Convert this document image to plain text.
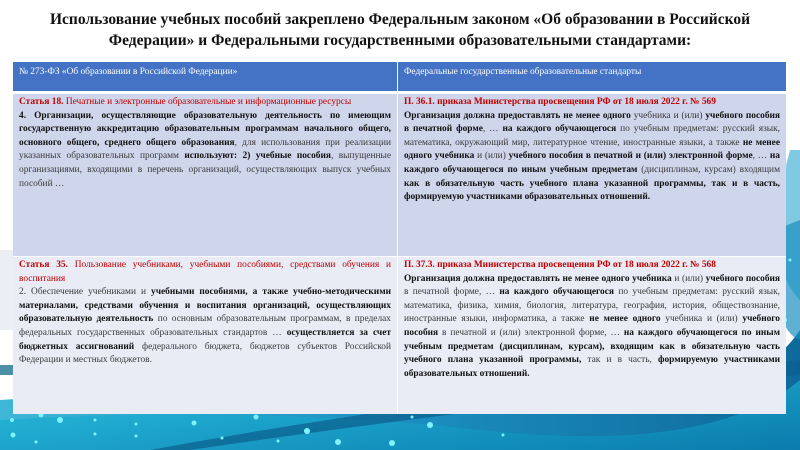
Использование учебных пособий закреплено Федеральным законом «Об образовании в Российской
Федерации» и Федеральными государственными образовательными стандартами:
№ 273-ФЗ «Об образовании в Российской Федерации»	Федеральные государственные образовательные стандарты
Статья 18. Печатные и электронные образовательные и информационные ресурсы
4. Организации, осуществляющие образовательную деятельность по имеющим государственную аккредитацию образовательным программам начального общего, основного общего, среднего общего образования, для использования при реализации указанных образовательных программ используют: 2) учебные пособия, выпущенные организациями, входящими в перечень организаций, осуществляющих выпуск учебных пособий …
П. 36.1. приказа Министерства просвещения РФ от 18 июля 2022 г. № 569
Организация должна предоставлять не менее одного учебника и (или) учебного пособия в печатной форме, … на каждого обучающегося по учебным предметам: русский язык, математика, окружающий мир, литературное чтение, иностранные языки, а также не менее одного учебника и (или) учебного пособия в печатной и (или) электронной форме, … на каждого обучающегося по иным учебным предметам (дисциплинам, курсам) входящим как в обязательную часть учебного плана указанной программы, так и в часть, формируемую участниками образовательных отношений.
Статья 35. Пользование учебниками, учебными пособиями, средствами обучения и воспитания
2. Обеспечение учебниками и учебными пособиями, а также учебно-методическими материалами, средствами обучения и воспитания организаций, осуществляющих образовательную деятельность по основным образовательным программам, в пределах федеральных государственных образовательных стандартов … осуществляется за счет бюджетных ассигнований федерального бюджета, бюджетов субъектов Российской Федерации и местных бюджетов.
П. 37.3. приказа Министерства просвещения РФ от 18 июля 2022 г. № 568
Организация должна предоставлять не менее одного учебника и (или) учебного пособия в печатной форме, … на каждого обучающегося по учебным предметам: русский язык, математика, физика, химия, биология, литература, география, история, обществознание, иностранные языки, информатика, а также не менее одного учебника и (или) учебного пособия в печатной и (или) электронной форме, … на каждого обучающегося по иным учебным предметам (дисциплинам, курсам), входящим как в обязательную часть учебного плана указанной программы, так и в часть, формируемую участниками образовательных отношений.
